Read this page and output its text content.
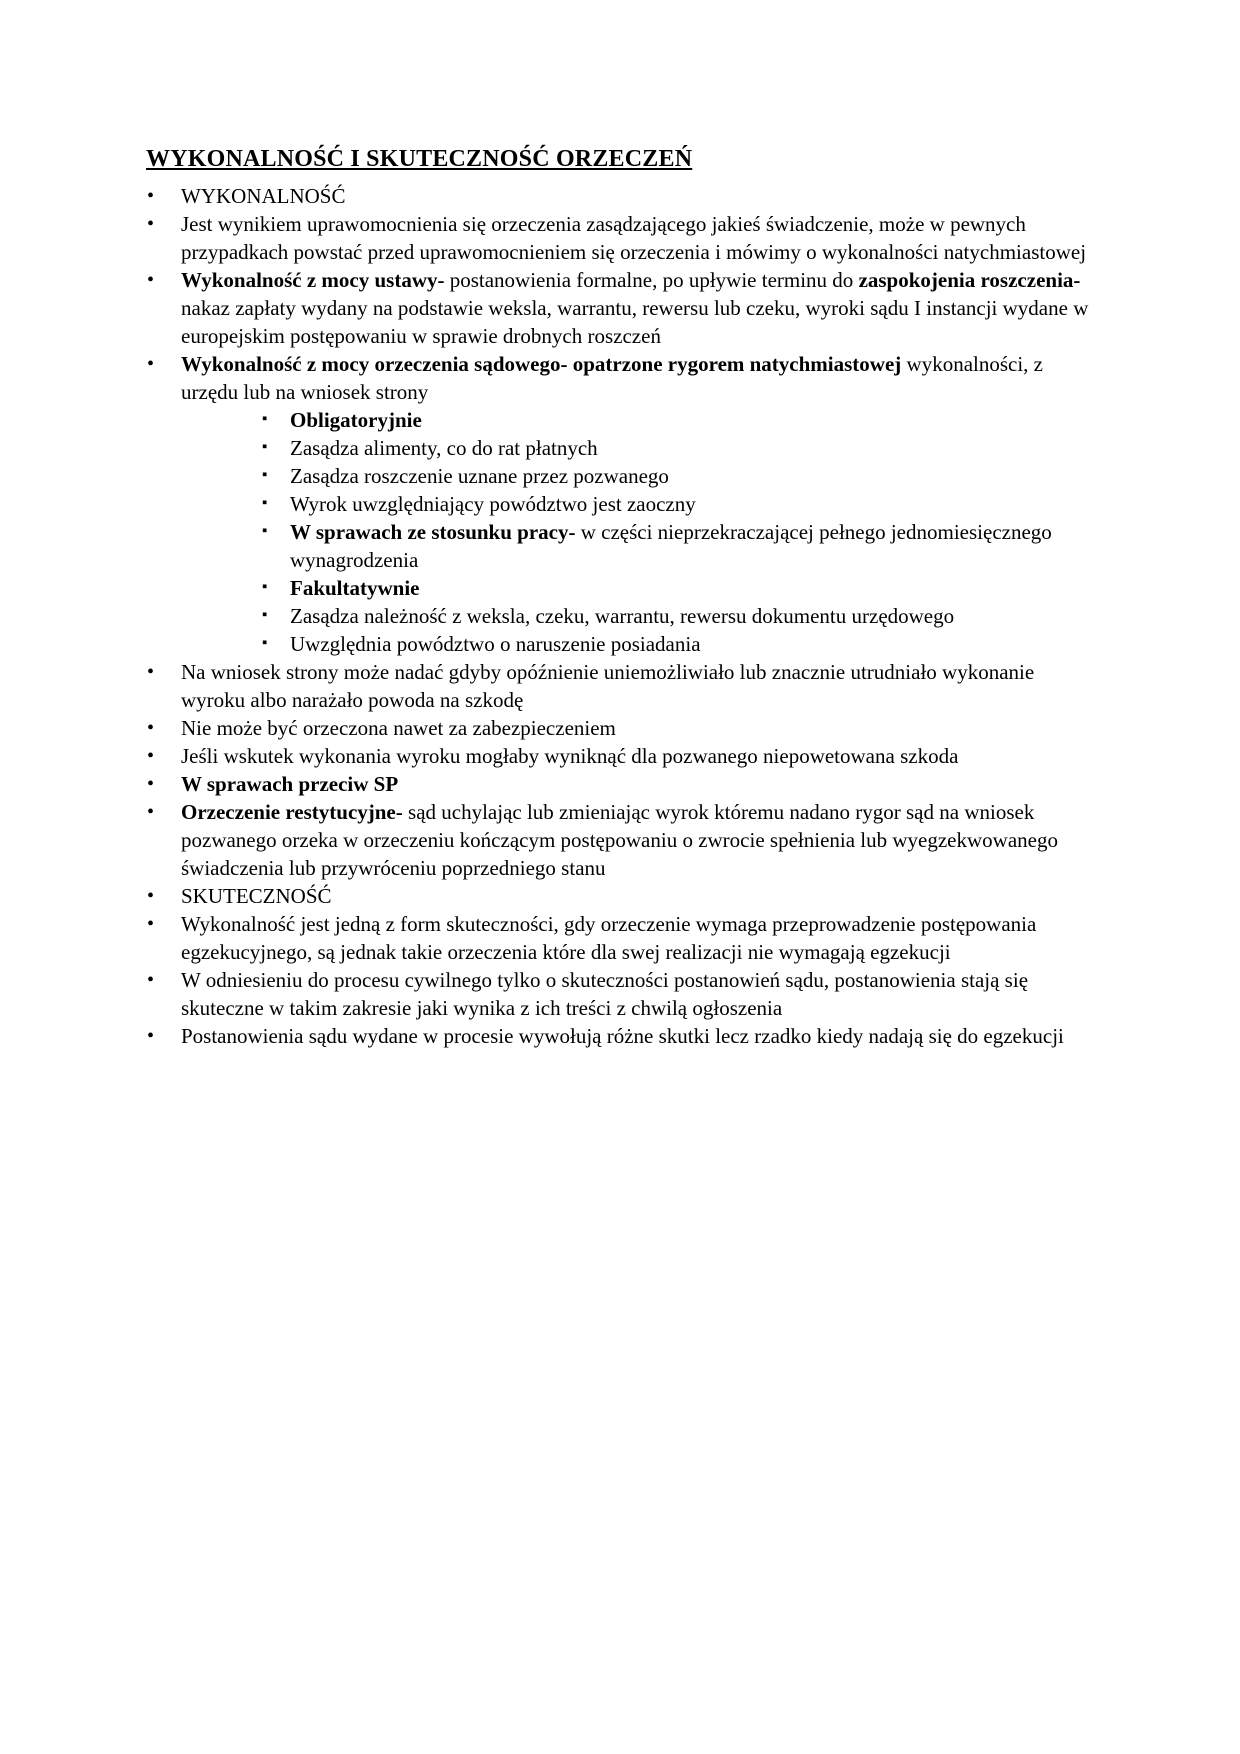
WYKONALNOŚĆ I SKUTECZNOŚĆ ORZECZEŃ
• WYKONALNOŚĆ
• Jest wynikiem uprawomocnienia się orzeczenia zasądzającego jakieś świadczenie, może w pewnych przypadkach powstać przed uprawomocnieniem się orzeczenia i mówimy o wykonalności natychmiastowej
• Wykonalność z mocy ustawy- postanowienia formalne, po upływie terminu do zaspokojenia roszczenia- nakaz zapłaty wydany na podstawie weksla, warrantu, rewersu lub czeku, wyroki sądu I instancji wydane w europejskim postępowaniu w sprawie drobnych roszczeń
• Wykonalność z mocy orzeczenia sądowego- opatrzone rygorem natychmiastowej wykonalności, z urzędu lub na wniosek strony
▪ Obligatoryjnie
▪ Zasądza alimenty, co do rat płatnych
▪ Zasądza roszczenie uznane przez pozwanego
▪ Wyrok uwzględniający powództwo jest zaoczny
▪ W sprawach ze stosunku pracy- w części nieprzekraczającej pełnego jednomiesięcznego wynagrodzenia
▪ Fakultatywnie
▪ Zasądza należność z weksla, czeku, warrantu, rewersu dokumentu urzędowego
▪ Uwzględnia powództwo o naruszenie posiadania
• Na wniosek strony może nadać gdyby opóźnienie uniemożliwiało lub znacznie utrudniało wykonanie wyroku albo narażało powoda na szkodę
• Nie może być orzeczona nawet za zabezpieczeniem
• Jeśli wskutek wykonania wyroku mogłaby wyniknąć dla pozwanego niepowetowana szkoda
• W sprawach przeciw SP
• Orzeczenie restytucyjne- sąd uchylając lub zmieniając wyrok któremu nadano rygor sąd na wniosek pozwanego orzeka w orzeczeniu kończącym postępowaniu o zwrocie spełnienia lub wyegzekwowanego świadczenia lub przywróceniu poprzedniego stanu
• SKUTECZNOŚĆ
• Wykonalność jest jedną z form skuteczności, gdy orzeczenie wymaga przeprowadzenie postępowania egzekucyjnego, są jednak takie orzeczenia które dla swej realizacji nie wymagają egzekucji
• W odniesieniu do procesu cywilnego tylko o skuteczności postanowień sądu, postanowienia stają się skuteczne w takim zakresie jaki wynika z ich treści z chwilą ogłoszenia
• Postanowienia sądu wydane w procesie wywołują różne skutki lecz rzadko kiedy nadają się do egzekucji
